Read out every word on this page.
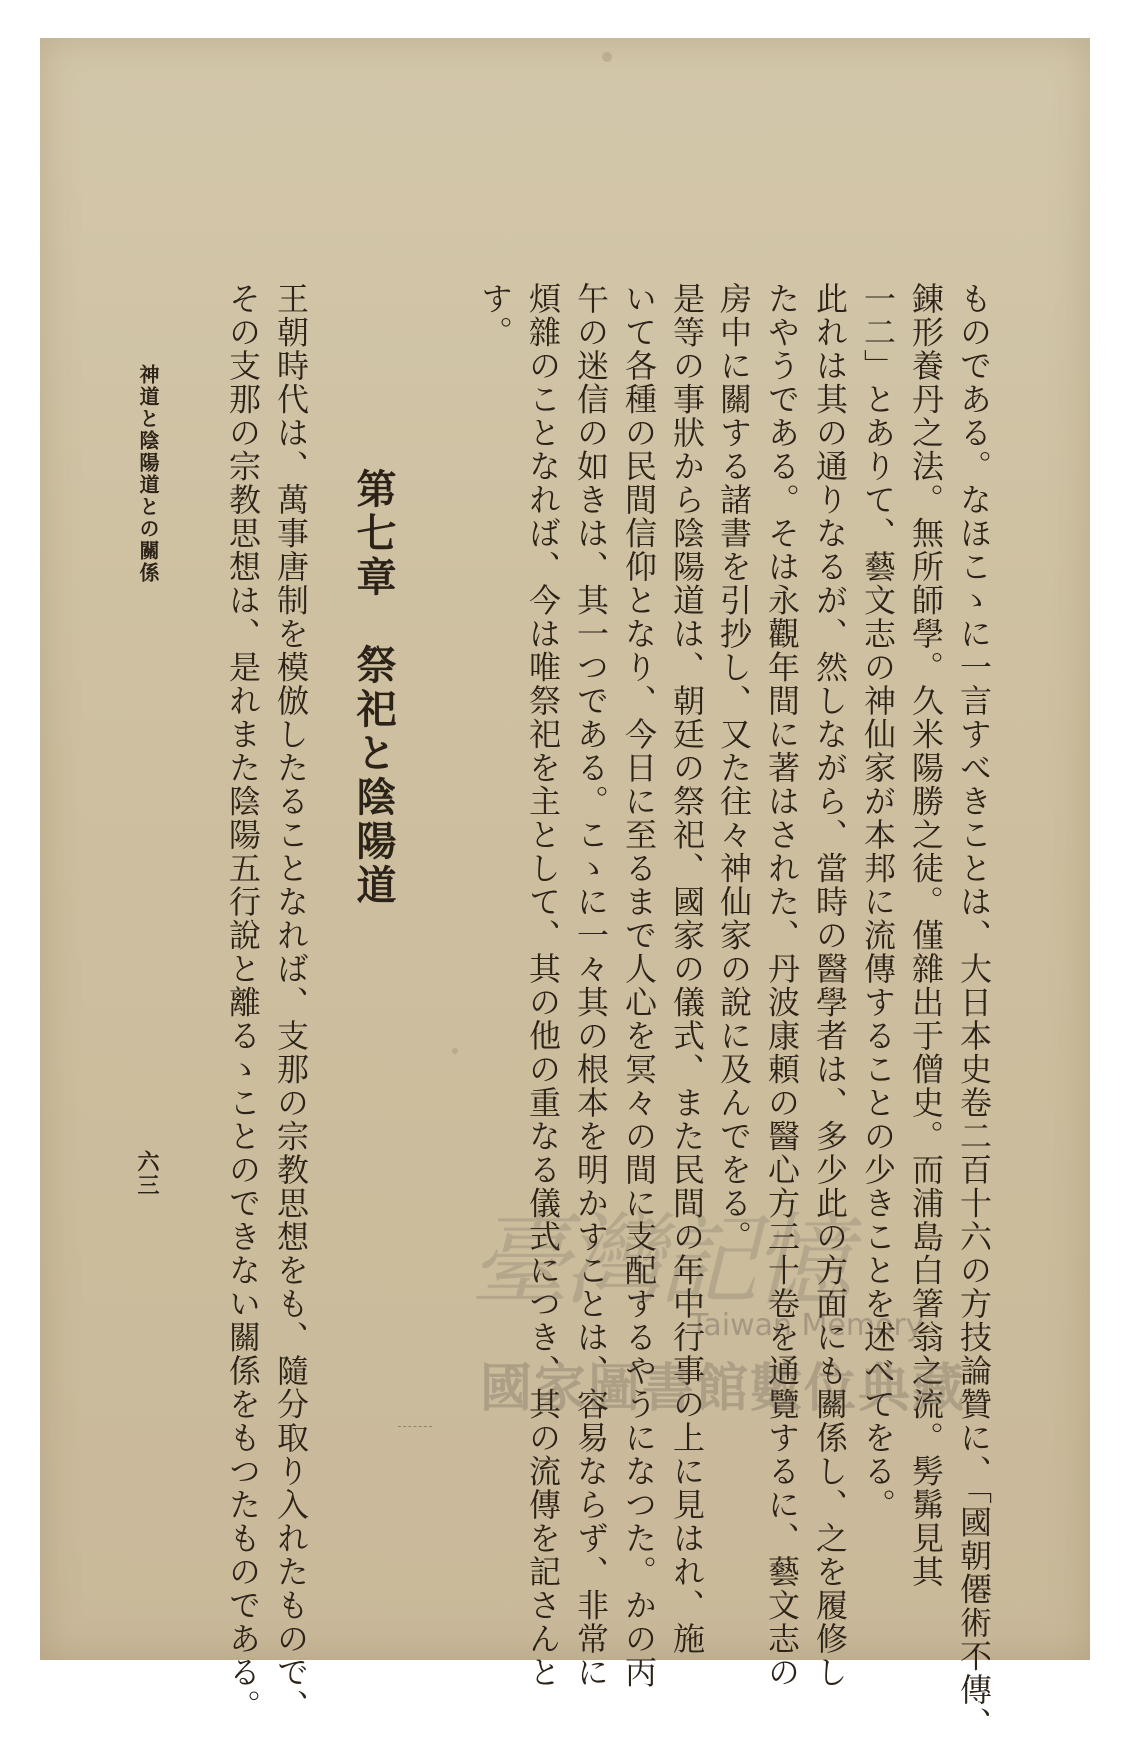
ものである。なほこゝに一言すべきことは、大日本史卷二百十六の方技論贊に、「國朝僊術不傳、
錬形養丹之法。無所師學。久米陽勝之徒。僅雜出于僧史。而浦島白箸翁之流。髣髴見其
一二」とありて、藝文志の神仙家が本邦に流傳することの少きことを述べてをる。
此れは其の通りなるが、然しながら、當時の醫學者は、多少此の方面にも關係し、之を履修し
たやうである。そは永觀年間に著はされた、丹波康頼の醫心方三十卷を通覽するに、藝文志の
房中に關する諸書を引抄し、又た往々神仙家の說に及んでをる。
是等の事狀から陰陽道は、朝廷の祭祀、國家の儀式、また民間の年中行事の上に見はれ、施
いて各種の民間信仰となり、今日に至るまで人心を冥々の間に支配するやうになつた。かの丙
午の迷信の如きは、其一つである。こゝに一々其の根本を明かすことは、容易ならず、非常に
煩雜のことなれば、今は唯祭祀を主として、其の他の重なる儀式につき、其の流傳を記さんと
す。
第七章　祭祀と陰陽道
王朝時代は、萬事唐制を模倣したることなれば、支那の宗教思想をも、隨分取り入れたもので、
その支那の宗教思想は、是れまた陰陽五行說と離るゝことのできない關係をもつたものである。
神道と陰陽道との關係
六三
Taiwan Memory
國家圖書館數位典藏
